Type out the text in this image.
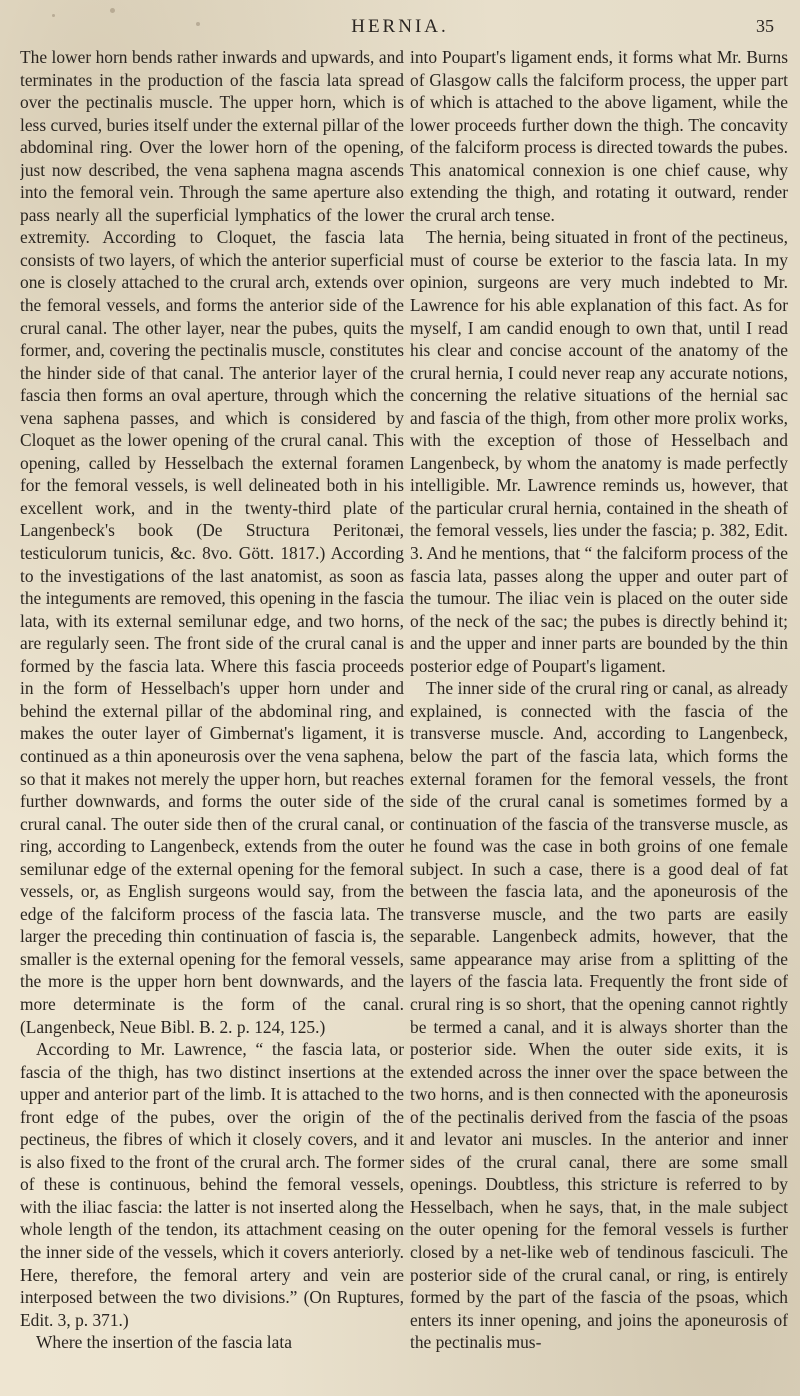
HERNIA.	35

The lower horn bends rather inwards and upwards, and terminates in the production of the fascia lata spread over the pectinalis muscle. The upper horn, which is less curved, buries itself under the external pillar of the abdominal ring. Over the lower horn of the opening, just now described, the vena saphena magna ascends into the femoral vein. Through the same aperture also pass nearly all the superficial lymphatics of the lower extremity. According to Cloquet, the fascia lata consists of two layers, of which the anterior superficial one is closely attached to the crural arch, extends over the femoral vessels, and forms the anterior side of the crural canal. The other layer, near the pubes, quits the former, and, covering the pectinalis muscle, constitutes the hinder side of that canal. The anterior layer of the fascia then forms an oval aperture, through which the vena saphena passes, and which is considered by Cloquet as the lower opening of the crural canal. This opening, called by Hesselbach the external foramen for the femoral vessels, is well delineated both in his excellent work, and in the twenty-third plate of Langenbeck's book (De Structura Peritonæi, testiculorum tunicis, &c. 8vo. Gött. 1817.) According to the investigations of the last anatomist, as soon as the integuments are removed, this opening in the fascia lata, with its external semilunar edge, and two horns, are regularly seen. The front side of the crural canal is formed by the fascia lata. Where this fascia proceeds in the form of Hesselbach's upper horn under and behind the external pillar of the abdominal ring, and makes the outer layer of Gimbernat's ligament, it is continued as a thin aponeurosis over the vena saphena, so that it makes not merely the upper horn, but reaches further downwards, and forms the outer side of the crural canal. The outer side then of the crural canal, or ring, according to Langenbeck, extends from the outer semilunar edge of the external opening for the femoral vessels, or, as English surgeons would say, from the edge of the falciform process of the fascia lata. The larger the preceding thin continuation of fascia is, the smaller is the external opening for the femoral vessels, the more is the upper horn bent downwards, and the more determinate is the form of the canal. (Langenbeck, Neue Bibl. B. 2. p. 124, 125.)

According to Mr. Lawrence, “ the fascia lata, or fascia of the thigh, has two distinct insertions at the upper and anterior part of the limb. It is attached to the front edge of the pubes, over the origin of the pectineus, the fibres of which it closely covers, and it is also fixed to the front of the crural arch. The former of these is continuous, behind the femoral vessels, with the iliac fascia: the latter is not inserted along the whole length of the tendon, its attachment ceasing on the inner side of the vessels, which it covers anteriorly. Here, therefore, the femoral artery and vein are interposed between the two divisions.” (On Ruptures, Edit. 3, p. 371.)

Where the insertion of the fascia lata

into Poupart's ligament ends, it forms what Mr. Burns of Glasgow calls the falciform process, the upper part of which is attached to the above ligament, while the lower proceeds further down the thigh. The concavity of the falciform process is directed towards the pubes. This anatomical connexion is one chief cause, why extending the thigh, and rotating it outward, render the crural arch tense.

The hernia, being situated in front of the pectineus, must of course be exterior to the fascia lata. In my opinion, surgeons are very much indebted to Mr. Lawrence for his able explanation of this fact. As for myself, I am candid enough to own that, until I read his clear and concise account of the anatomy of the crural hernia, I could never reap any accurate notions, concerning the relative situations of the hernial sac and fascia of the thigh, from other more prolix works, with the exception of those of Hesselbach and Langenbeck, by whom the anatomy is made perfectly intelligible. Mr. Lawrence reminds us, however, that the particular crural hernia, contained in the sheath of the femoral vessels, lies under the fascia; p. 382, Edit. 3. And he mentions, that “ the falciform process of the fascia lata, passes along the upper and outer part of the tumour. The iliac vein is placed on the outer side of the neck of the sac; the pubes is directly behind it; and the upper and inner parts are bounded by the thin posterior edge of Poupart's ligament.

The inner side of the crural ring or canal, as already explained, is connected with the fascia of the transverse muscle. And, according to Langenbeck, below the part of the fascia lata, which forms the external foramen for the femoral vessels, the front side of the crural canal is sometimes formed by a continuation of the fascia of the transverse muscle, as he found was the case in both groins of one female subject. In such a case, there is a good deal of fat between the fascia lata, and the aponeurosis of the transverse muscle, and the two parts are easily separable. Langenbeck admits, however, that the same appearance may arise from a splitting of the layers of the fascia lata. Frequently the front side of crural ring is so short, that the opening cannot rightly be termed a canal, and it is always shorter than the posterior side. When the outer side exits, it is extended across the inner over the space between the two horns, and is then connected with the aponeurosis of the pectinalis derived from the fascia of the psoas and levator ani muscles. In the anterior and inner sides of the crural canal, there are some small openings. Doubtless, this stricture is referred to by Hesselbach, when he says, that, in the male subject the outer opening for the femoral vessels is further closed by a net-like web of tendinous fasciculi. The posterior side of the crural canal, or ring, is entirely formed by the part of the fascia of the psoas, which enters its inner opening, and joins the aponeurosis of the pectinalis mus-
